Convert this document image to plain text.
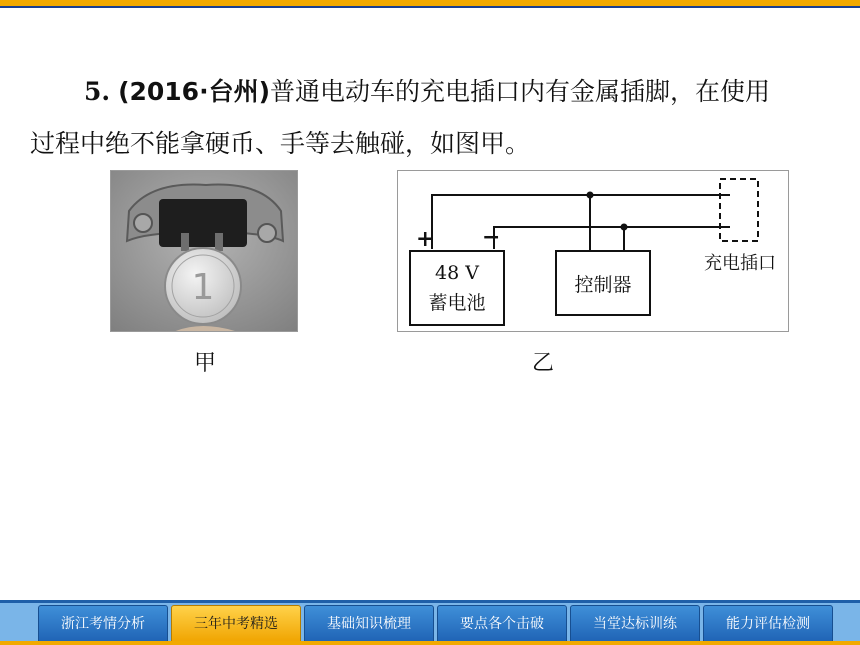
5. (2016·台州)普通电动车的充电插口内有金属插脚，在使用
过程中绝不能拿硬币、手等去触碰，如图甲。
1
甲
+ −
48 V
蓄电池
控制器
充电插口
乙
浙江考情分析	三年中考精选	基础知识梳理	要点各个击破	当堂达标训练	能力评估检测
